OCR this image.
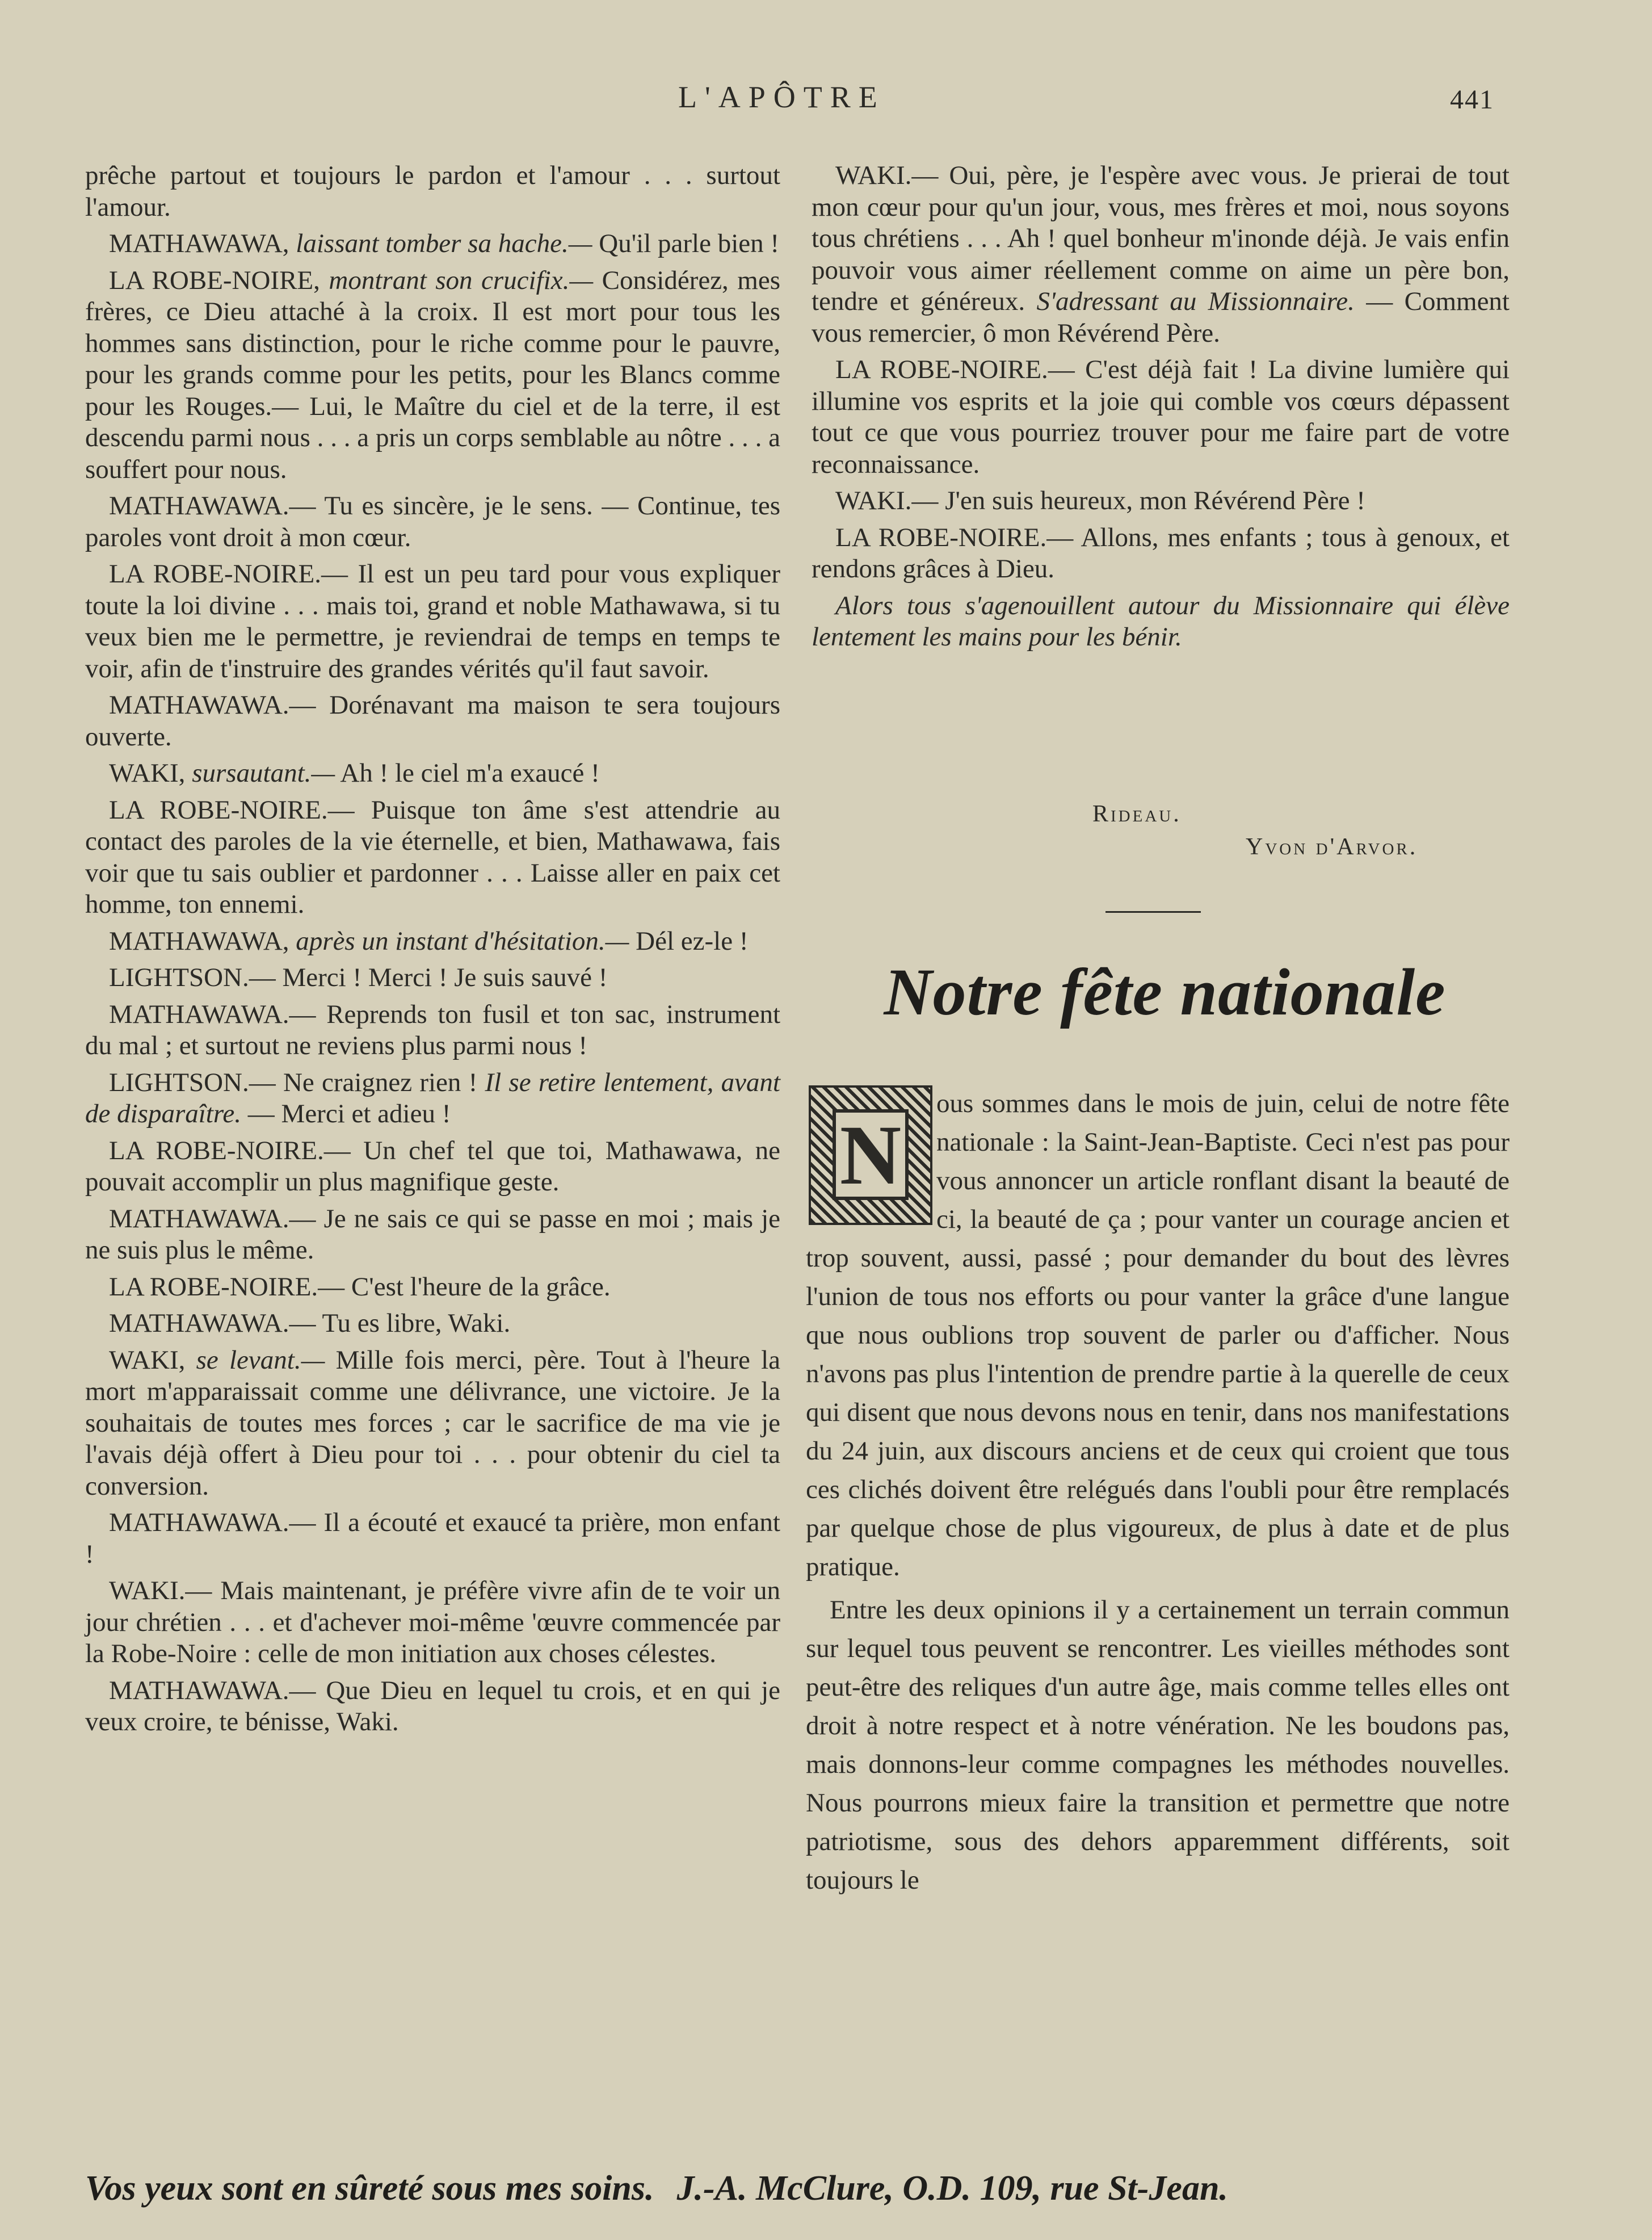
L'APÔTRE	441

prêche partout et toujours le pardon et l'amour . . . surtout l'amour.

MATHAWAWA, laissant tomber sa hache.— Qu'il parle bien !

LA ROBE-NOIRE, montrant son crucifix.— Considérez, mes frères, ce Dieu attaché à la croix. Il est mort pour tous les hommes sans distinction, pour le riche comme pour le pauvre, pour les grands comme pour les petits, pour les Blancs comme pour les Rouges.— Lui, le Maître du ciel et de la terre, il est descendu parmi nous . . . a pris un corps semblable au nôtre . . . a souffert pour nous.

MATHAWAWA.— Tu es sincère, je le sens. — Continue, tes paroles vont droit à mon cœur.

LA ROBE-NOIRE.— Il est un peu tard pour vous expliquer toute la loi divine . . . mais toi, grand et noble Mathawawa, si tu veux bien me le permettre, je reviendrai de temps en temps te voir, afin de t'instruire des grandes vérités qu'il faut savoir.

MATHAWAWA.— Dorénavant ma maison te sera toujours ouverte.

WAKI, sursautant.— Ah ! le ciel m'a exaucé !

LA ROBE-NOIRE.— Puisque ton âme s'est attendrie au contact des paroles de la vie éternelle, et bien, Mathawawa, fais voir que tu sais oublier et pardonner . . . Laisse aller en paix cet homme, ton ennemi.

MATHAWAWA, après un instant d'hésitation.— Dél ez-le !

LIGHTSON.— Merci ! Merci ! Je suis sauvé !

MATHAWAWA.— Reprends ton fusil et ton sac, instrument du mal ; et surtout ne reviens plus parmi nous !

LIGHTSON.— Ne craignez rien ! Il se retire lentement, avant de disparaître. — Merci et adieu !

LA ROBE-NOIRE.— Un chef tel que toi, Mathawawa, ne pouvait accomplir un plus magnifique geste.

MATHAWAWA.— Je ne sais ce qui se passe en moi ; mais je ne suis plus le même.

LA ROBE-NOIRE.— C'est l'heure de la grâce.

MATHAWAWA.— Tu es libre, Waki.

WAKI, se levant.— Mille fois merci, père. Tout à l'heure la mort m'apparaissait comme une délivrance, une victoire. Je la souhaitais de toutes mes forces ; car le sacrifice de ma vie je l'avais déjà offert à Dieu pour toi . . . pour obtenir du ciel ta conversion.

MATHAWAWA.— Il a écouté et exaucé ta prière, mon enfant !

WAKI.— Mais maintenant, je préfère vivre afin de te voir un jour chrétien . . . et d'achever moi-même 'œuvre commencée par la Robe-Noire : celle de mon initiation aux choses célestes.

MATHAWAWA.— Que Dieu en lequel tu crois, et en qui je veux croire, te bénisse, Waki.

WAKI.— Oui, père, je l'espère avec vous. Je prierai de tout mon cœur pour qu'un jour, vous, mes frères et moi, nous soyons tous chrétiens . . . Ah ! quel bonheur m'inonde déjà. Je vais enfin pouvoir vous aimer réellement comme on aime un père bon, tendre et généreux. S'adressant au Missionnaire. — Comment vous remercier, ô mon Révérend Père.

LA ROBE-NOIRE.— C'est déjà fait ! La divine lumière qui illumine vos esprits et la joie qui comble vos cœurs dépassent tout ce que vous pourriez trouver pour me faire part de votre reconnaissance.

WAKI.— J'en suis heureux, mon Révérend Père !

LA ROBE-NOIRE.— Allons, mes enfants ; tous à genoux, et rendons grâces à Dieu.

Alors tous s'agenouillent autour du Missionnaire qui élève lentement les mains pour les bénir.

Rideau.
Yvon d'Arvor.
Notre fête nationale
N

ous sommes dans le mois de juin, celui de notre fête nationale : la Saint-Jean-Baptiste. Ceci n'est pas pour vous annoncer un article ronflant disant la beauté de ci, la beauté de ça ; pour vanter un courage ancien et trop souvent, aussi, passé ; pour demander du bout des lèvres l'union de tous nos efforts ou pour vanter la grâce d'une langue que nous oublions trop souvent de parler ou d'afficher. Nous n'avons pas plus l'intention de prendre partie à la querelle de ceux qui disent que nous devons nous en tenir, dans nos manifestations du 24 juin, aux discours anciens et de ceux qui croient que tous ces clichés doivent être relégués dans l'oubli pour être remplacés par quelque chose de plus vigoureux, de plus à date et de plus pratique.

Entre les deux opinions il y a certainement un terrain commun sur lequel tous peuvent se rencontrer. Les vieilles méthodes sont peut-être des reliques d'un autre âge, mais comme telles elles ont droit à notre respect et à notre vénération. Ne les boudons pas, mais donnons-leur comme compagnes les méthodes nouvelles. Nous pourrons mieux faire la transition et permettre que notre patriotisme, sous des dehors apparemment différents, soit toujours le

Vos yeux sont en sûreté sous mes soins. J.-A. McClure, O.D. 109, rue St-Jean.
